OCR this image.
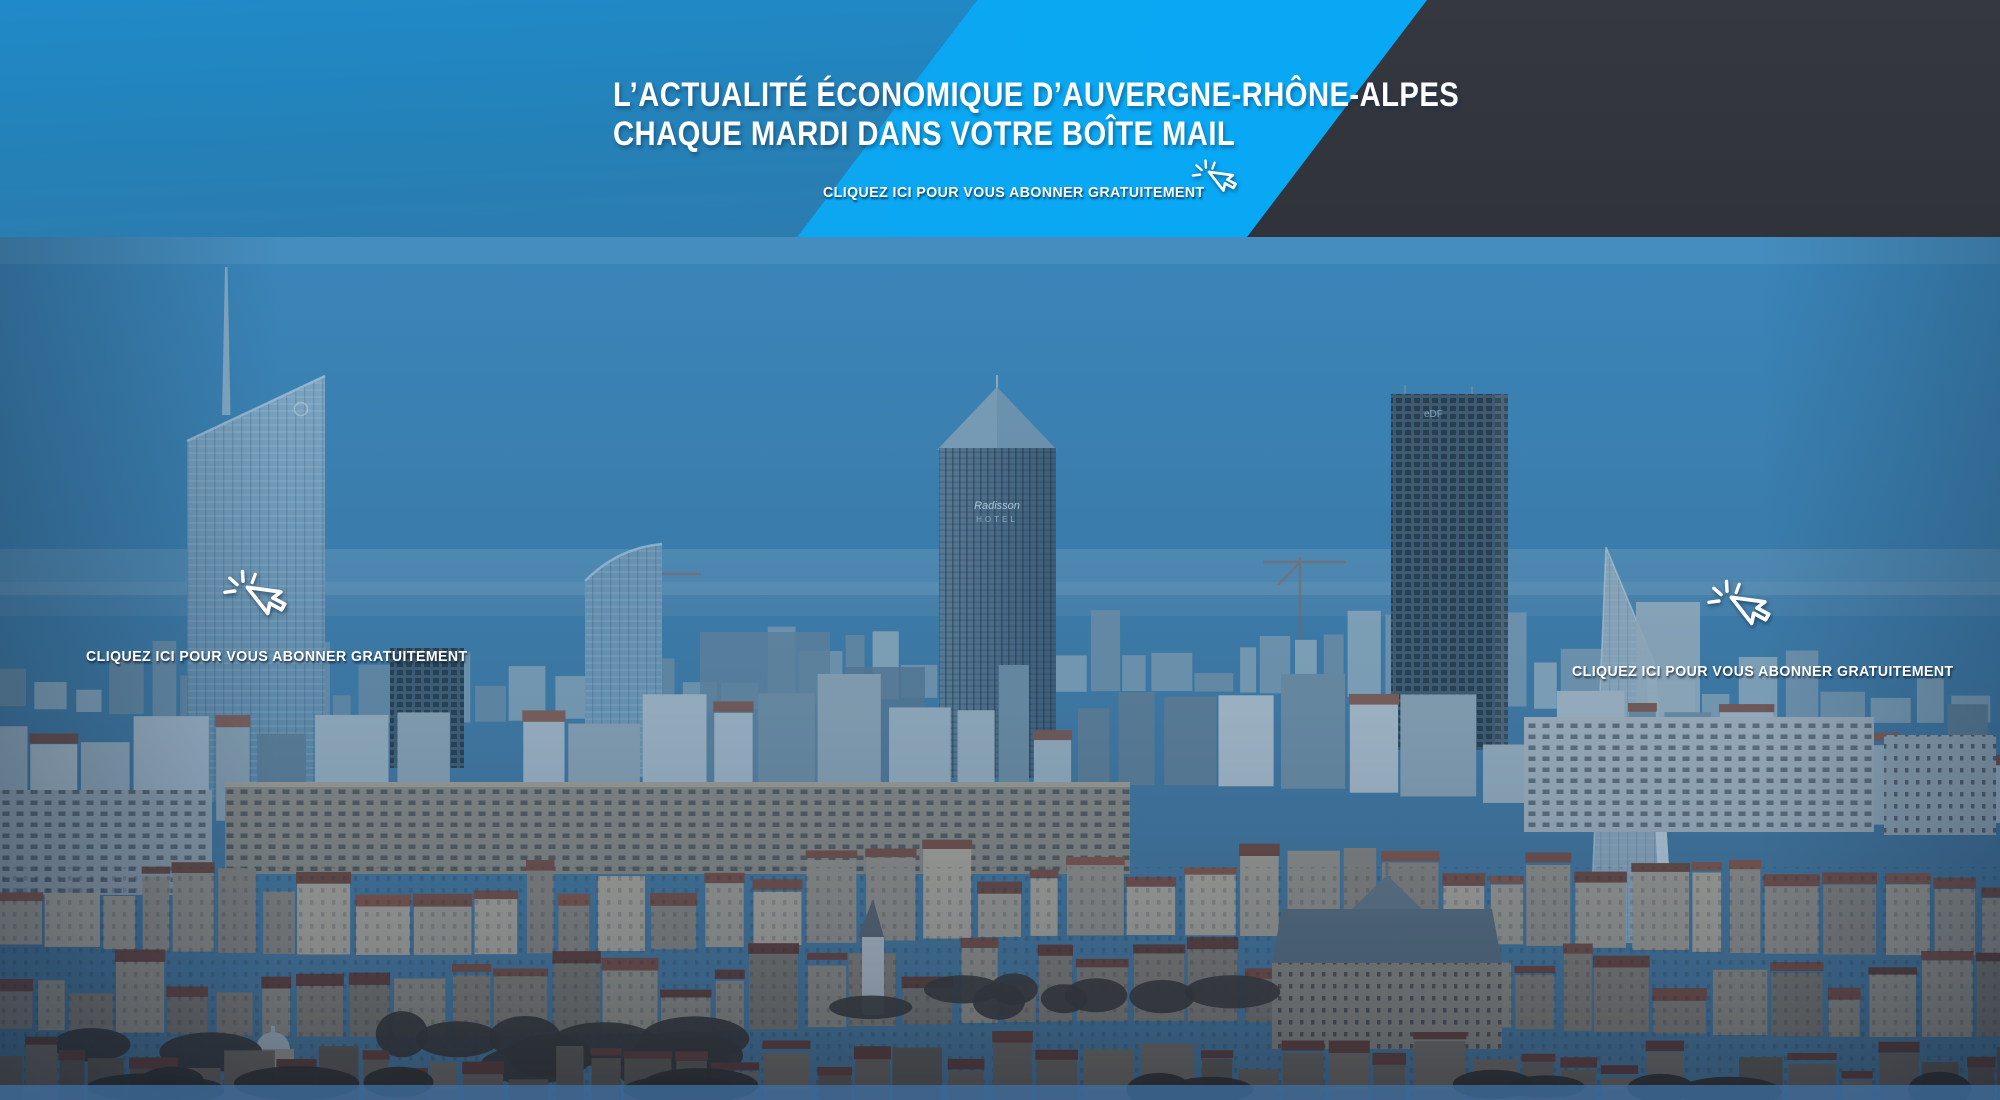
L’ACTUALITÉ ÉCONOMIQUE D’AUVERGNE-RHÔNE-ALPES
CHAQUE MARDI DANS VOTRE BOÎTE MAIL
CLIQUEZ ICI POUR VOUS ABONNER GRATUITEMENT
CLIQUEZ ICI POUR VOUS ABONNER GRATUITEMENT
CLIQUEZ ICI POUR VOUS ABONNER GRATUITEMENT
